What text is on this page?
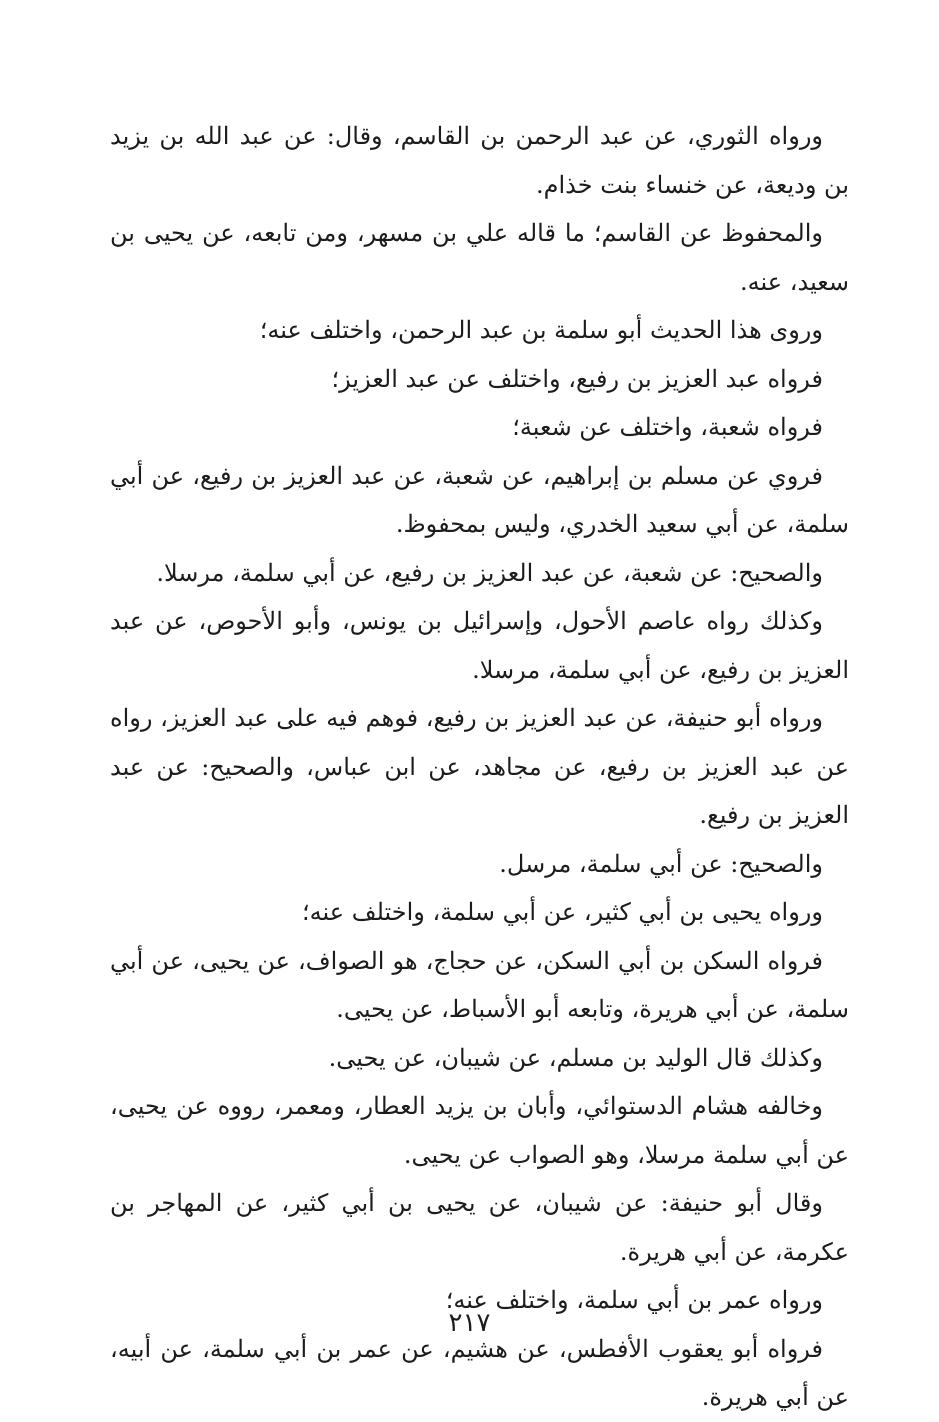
ورواه الثوري، عن عبد الرحمن بن القاسم، وقال: عن عبد الله بن يزيد بن وديعة، عن خنساء بنت خذام.

والمحفوظ عن القاسم؛ ما قاله علي بن مسهر، ومن تابعه، عن يحيى بن سعيد، عنه.

وروى هذا الحديث أبو سلمة بن عبد الرحمن، واختلف عنه؛

فرواه عبد العزيز بن رفيع، واختلف عن عبد العزيز؛

فرواه شعبة، واختلف عن شعبة؛

فروي عن مسلم بن إبراهيم، عن شعبة، عن عبد العزيز بن رفيع، عن أبي سلمة، عن أبي سعيد الخدري، وليس بمحفوظ.

والصحيح: عن شعبة، عن عبد العزيز بن رفيع، عن أبي سلمة، مرسلا.

وكذلك رواه عاصم الأحول، وإسرائيل بن يونس، وأبو الأحوص، عن عبد العزيز بن رفيع، عن أبي سلمة، مرسلا.

ورواه أبو حنيفة، عن عبد العزيز بن رفيع، فوهم فيه على عبد العزيز، رواه عن عبد العزيز بن رفيع، عن مجاهد، عن ابن عباس، والصحيح: عن عبد العزيز بن رفيع.

والصحيح: عن أبي سلمة، مرسل.

ورواه يحيى بن أبي كثير، عن أبي سلمة، واختلف عنه؛

فرواه السكن بن أبي السكن، عن حجاج، هو الصواف، عن يحيى، عن أبي سلمة، عن أبي هريرة، وتابعه أبو الأسباط، عن يحيى.

وكذلك قال الوليد بن مسلم، عن شيبان، عن يحيى.

وخالفه هشام الدستوائي، وأبان بن يزيد العطار، ومعمر، رووه عن يحيى، عن أبي سلمة مرسلا، وهو الصواب عن يحيى.

وقال أبو حنيفة: عن شيبان، عن يحيى بن أبي كثير، عن المهاجر بن عكرمة، عن أبي هريرة.

ورواه عمر بن أبي سلمة، واختلف عنه؛

فرواه أبو يعقوب الأفطس، عن هشيم، عن عمر بن أبي سلمة، عن أبيه، عن أبي هريرة.

٢١٧
